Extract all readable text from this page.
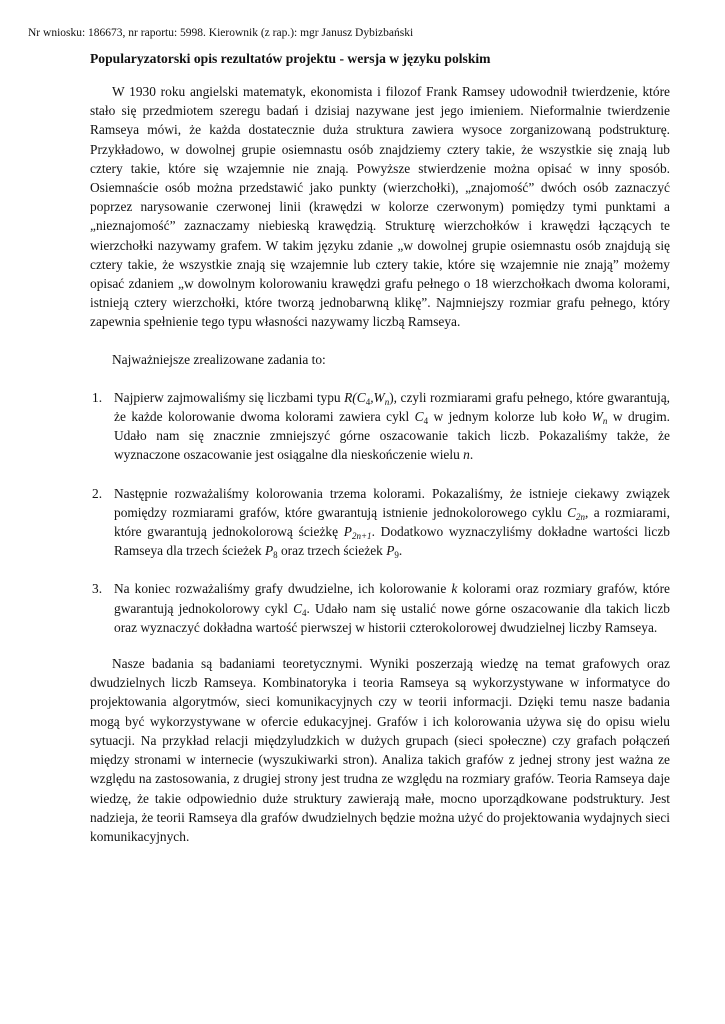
Nr wniosku: 186673, nr raportu: 5998. Kierownik (z rap.): mgr Janusz Dybizbański
Popularyzatorski opis rezultatów projektu - wersja w języku polskim

W 1930 roku angielski matematyk, ekonomista i filozof Frank Ramsey udowodnił twierdzenie, które stało się przedmiotem szeregu badań i dzisiaj nazywane jest jego imieniem. Nieformalnie twierdzenie Ramseya mówi, że każda dostatecznie duża struktura zawiera wysoce zorganizowaną podstrukturę. Przykładowo, w dowolnej grupie osiemnastu osób znajdziemy cztery takie, że wszystkie się znają lub cztery takie, które się wzajemnie nie znają. Powyższe stwierdzenie można opisać w inny sposób. Osiemnaście osób można przedstawić jako punkty (wierzchołki), „znajomość” dwóch osób zaznaczyć poprzez narysowanie czerwonej linii (krawędzi w kolorze czerwonym) pomiędzy tymi punktami a „nieznajomość” zaznaczamy niebieską krawędzią. Strukturę wierzchołków i krawędzi łączących te wierzchołki nazywamy grafem. W takim języku zdanie „w dowolnej grupie osiemnastu osób znajdują się cztery takie, że wszystkie znają się wzajemnie lub cztery takie, które się wzajemnie nie znają” możemy opisać zdaniem „w dowolnym kolorowaniu krawędzi grafu pełnego o 18 wierzchołkach dwoma kolorami, istnieją cztery wierzchołki, które tworzą jednobarwną klikę”. Najmniejszy rozmiar grafu pełnego, który zapewnia spełnienie tego typu własności nazywamy liczbą Ramseya.

Najważniejsze zrealizowane zadania to:

1. Najpierw zajmowaliśmy się liczbami typu $R(C_4,W_n)$, czyli rozmiarami grafu pełnego, które gwarantują, że każde kolorowanie dwoma kolorami zawiera cykl $C_4$ w jednym kolorze lub koło $W_n$ w drugim. Udało nam się znacznie zmniejszyć górne oszacowanie takich liczb. Pokazaliśmy także, że wyznaczone oszacowanie jest osiągalne dla nieskończenie wielu n.
2. Następnie rozważaliśmy kolorowania trzema kolorami. Pokazaliśmy, że istnieje ciekawy związek pomiędzy rozmiarami grafów, które gwarantują istnienie jednokolorowego cyklu $C_{2n}$, a rozmiarami, które gwarantują jednokolorową ścieżkę $P_{2n+1}$. Dodatkowo wyznaczyliśmy dokładne wartości liczb Ramseya dla trzech ścieżek $P_8$ oraz trzech ścieżek $P_9$.
3. Na koniec rozważaliśmy grafy dwudzielne, ich kolorowanie k kolorami oraz rozmiary grafów, które gwarantują jednokolorowy cykl $C_4$. Udało nam się ustalić nowe górne oszacowanie dla takich liczb oraz wyznaczyć dokładna wartość pierwszej w historii czterokolorowej dwudzielnej liczby Ramseya.

Nasze badania są badaniami teoretycznymi. Wyniki poszerzają wiedzę na temat grafowych oraz dwudzielnych liczb Ramseya. Kombinatoryka i teoria Ramseya są wykorzystywane w informatyce do projektowania algorytmów, sieci komunikacyjnych czy w teorii informacji. Dzięki temu nasze badania mogą być wykorzystywane w ofercie edukacyjnej. Grafów i ich kolorowania używa się do opisu wielu sytuacji. Na przykład relacji międzyludzkich w dużych grupach (sieci społeczne) czy grafach połączeń między stronami w internecie (wyszukiwarki stron). Analiza takich grafów z jednej strony jest ważna ze względu na zastosowania, z drugiej strony jest trudna ze względu na rozmiary grafów. Teoria Ramseya daje wiedzę, że takie odpowiednio duże struktury zawierają małe, mocno uporządkowane podstruktury. Jest nadzieja, że teorii Ramseya dla grafów dwudzielnych będzie można użyć do projektowania wydajnych sieci komunikacyjnych.
